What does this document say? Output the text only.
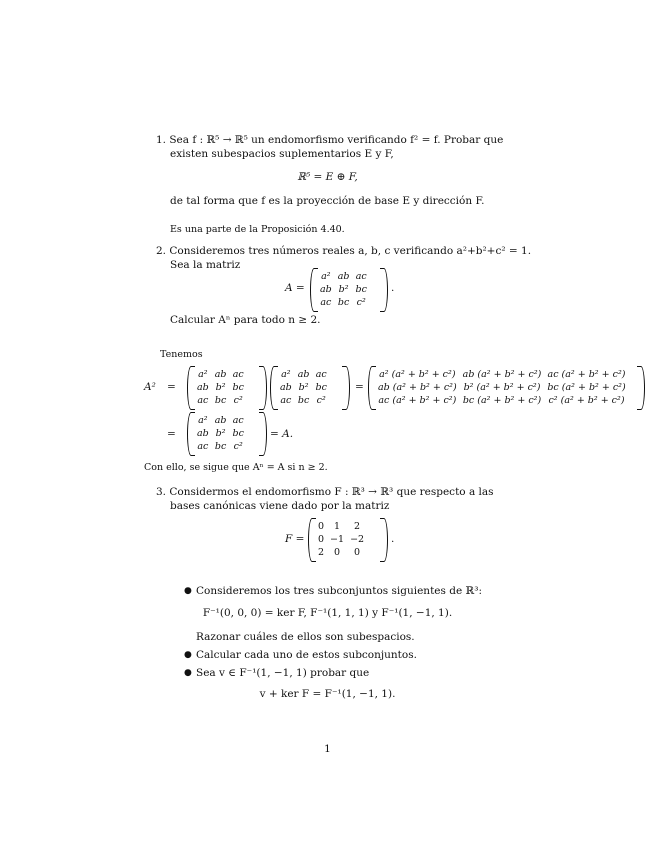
1. Sea f : ℝ⁵ → ℝ⁵ un endomorfismo verificando f² = f. Probar que
existen subespacios suplementarios E y F,
ℝ⁵ = E ⊕ F,
de tal forma que f es la proyección de base E y dirección F.
Es una parte de la Proposición 4.40.
2. Consideremos tres números reales a, b, c verificando a²+b²+c² = 1.
Sea la matriz
A =
a²	ab	ac
ab	b²	bc
ac	bc	c²
.
Calcular Aⁿ para todo n ≥ 2.
Tenemos
A² =
a²	ab	ac
ab	b²	bc
ac	bc	c²
a²	ab	ac
ab	b²	bc
ac	bc	c²
=
a² (a² + b² + c²)	ab (a² + b² + c²)	ac (a² + b² + c²)
ab (a² + b² + c²)	b² (a² + b² + c²)	bc (a² + b² + c²)
ac (a² + b² + c²)	bc (a² + b² + c²)	c² (a² + b² + c²)
=
a²	ab	ac
ab	b²	bc
ac	bc	c²
= A.
Con ello, se sigue que Aⁿ = A si n ≥ 2.
3. Considermos el endomorfismo F : ℝ³ → ℝ³ que respecto a las
bases canónicas viene dado por la matriz
F =
0	1	2
0	−1	−2
2	0	0
.
● Consideremos los tres subconjuntos siguientes de ℝ³:
F⁻¹(0, 0, 0) = ker F, F⁻¹(1, 1, 1) y F⁻¹(1, −1, 1).
Razonar cuáles de ellos son subespacios.
● Calcular cada uno de estos subconjuntos.
● Sea v ∈ F⁻¹(1, −1, 1) probar que
v + ker F = F⁻¹(1, −1, 1).
1
